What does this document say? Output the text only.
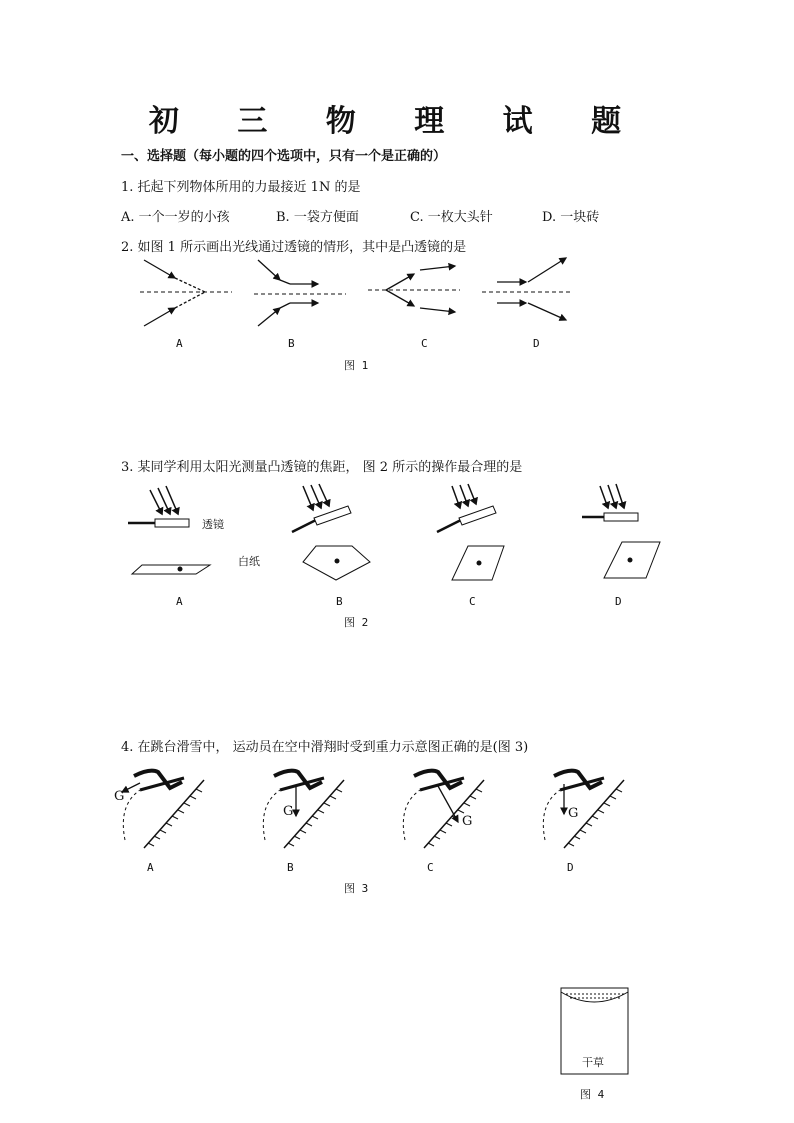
初 三 物 理 试 题
一、选择题（每小题的四个选项中，只有一个是正确的）
1. 托起下列物体所用的力最接近 1N 的是
A. 一个一岁的小孩	B. 一袋方便面	C. 一枚大头针	D. 一块砖
2. 如图 1 所示画出光线通过透镜的情形，其中是凸透镜的是
A	B	C	D
图 1
3. 某同学利用太阳光测量凸透镜的焦距， 图 2 所示的操作最合理的是
透镜
白纸
A	B	C	D
图 2
4. 在跳台滑雪中， 运动员在空中滑翔时受到重力示意图正确的是(图 3)
G
G
G
G
A	B	C	D
图 3
干草
图 4
